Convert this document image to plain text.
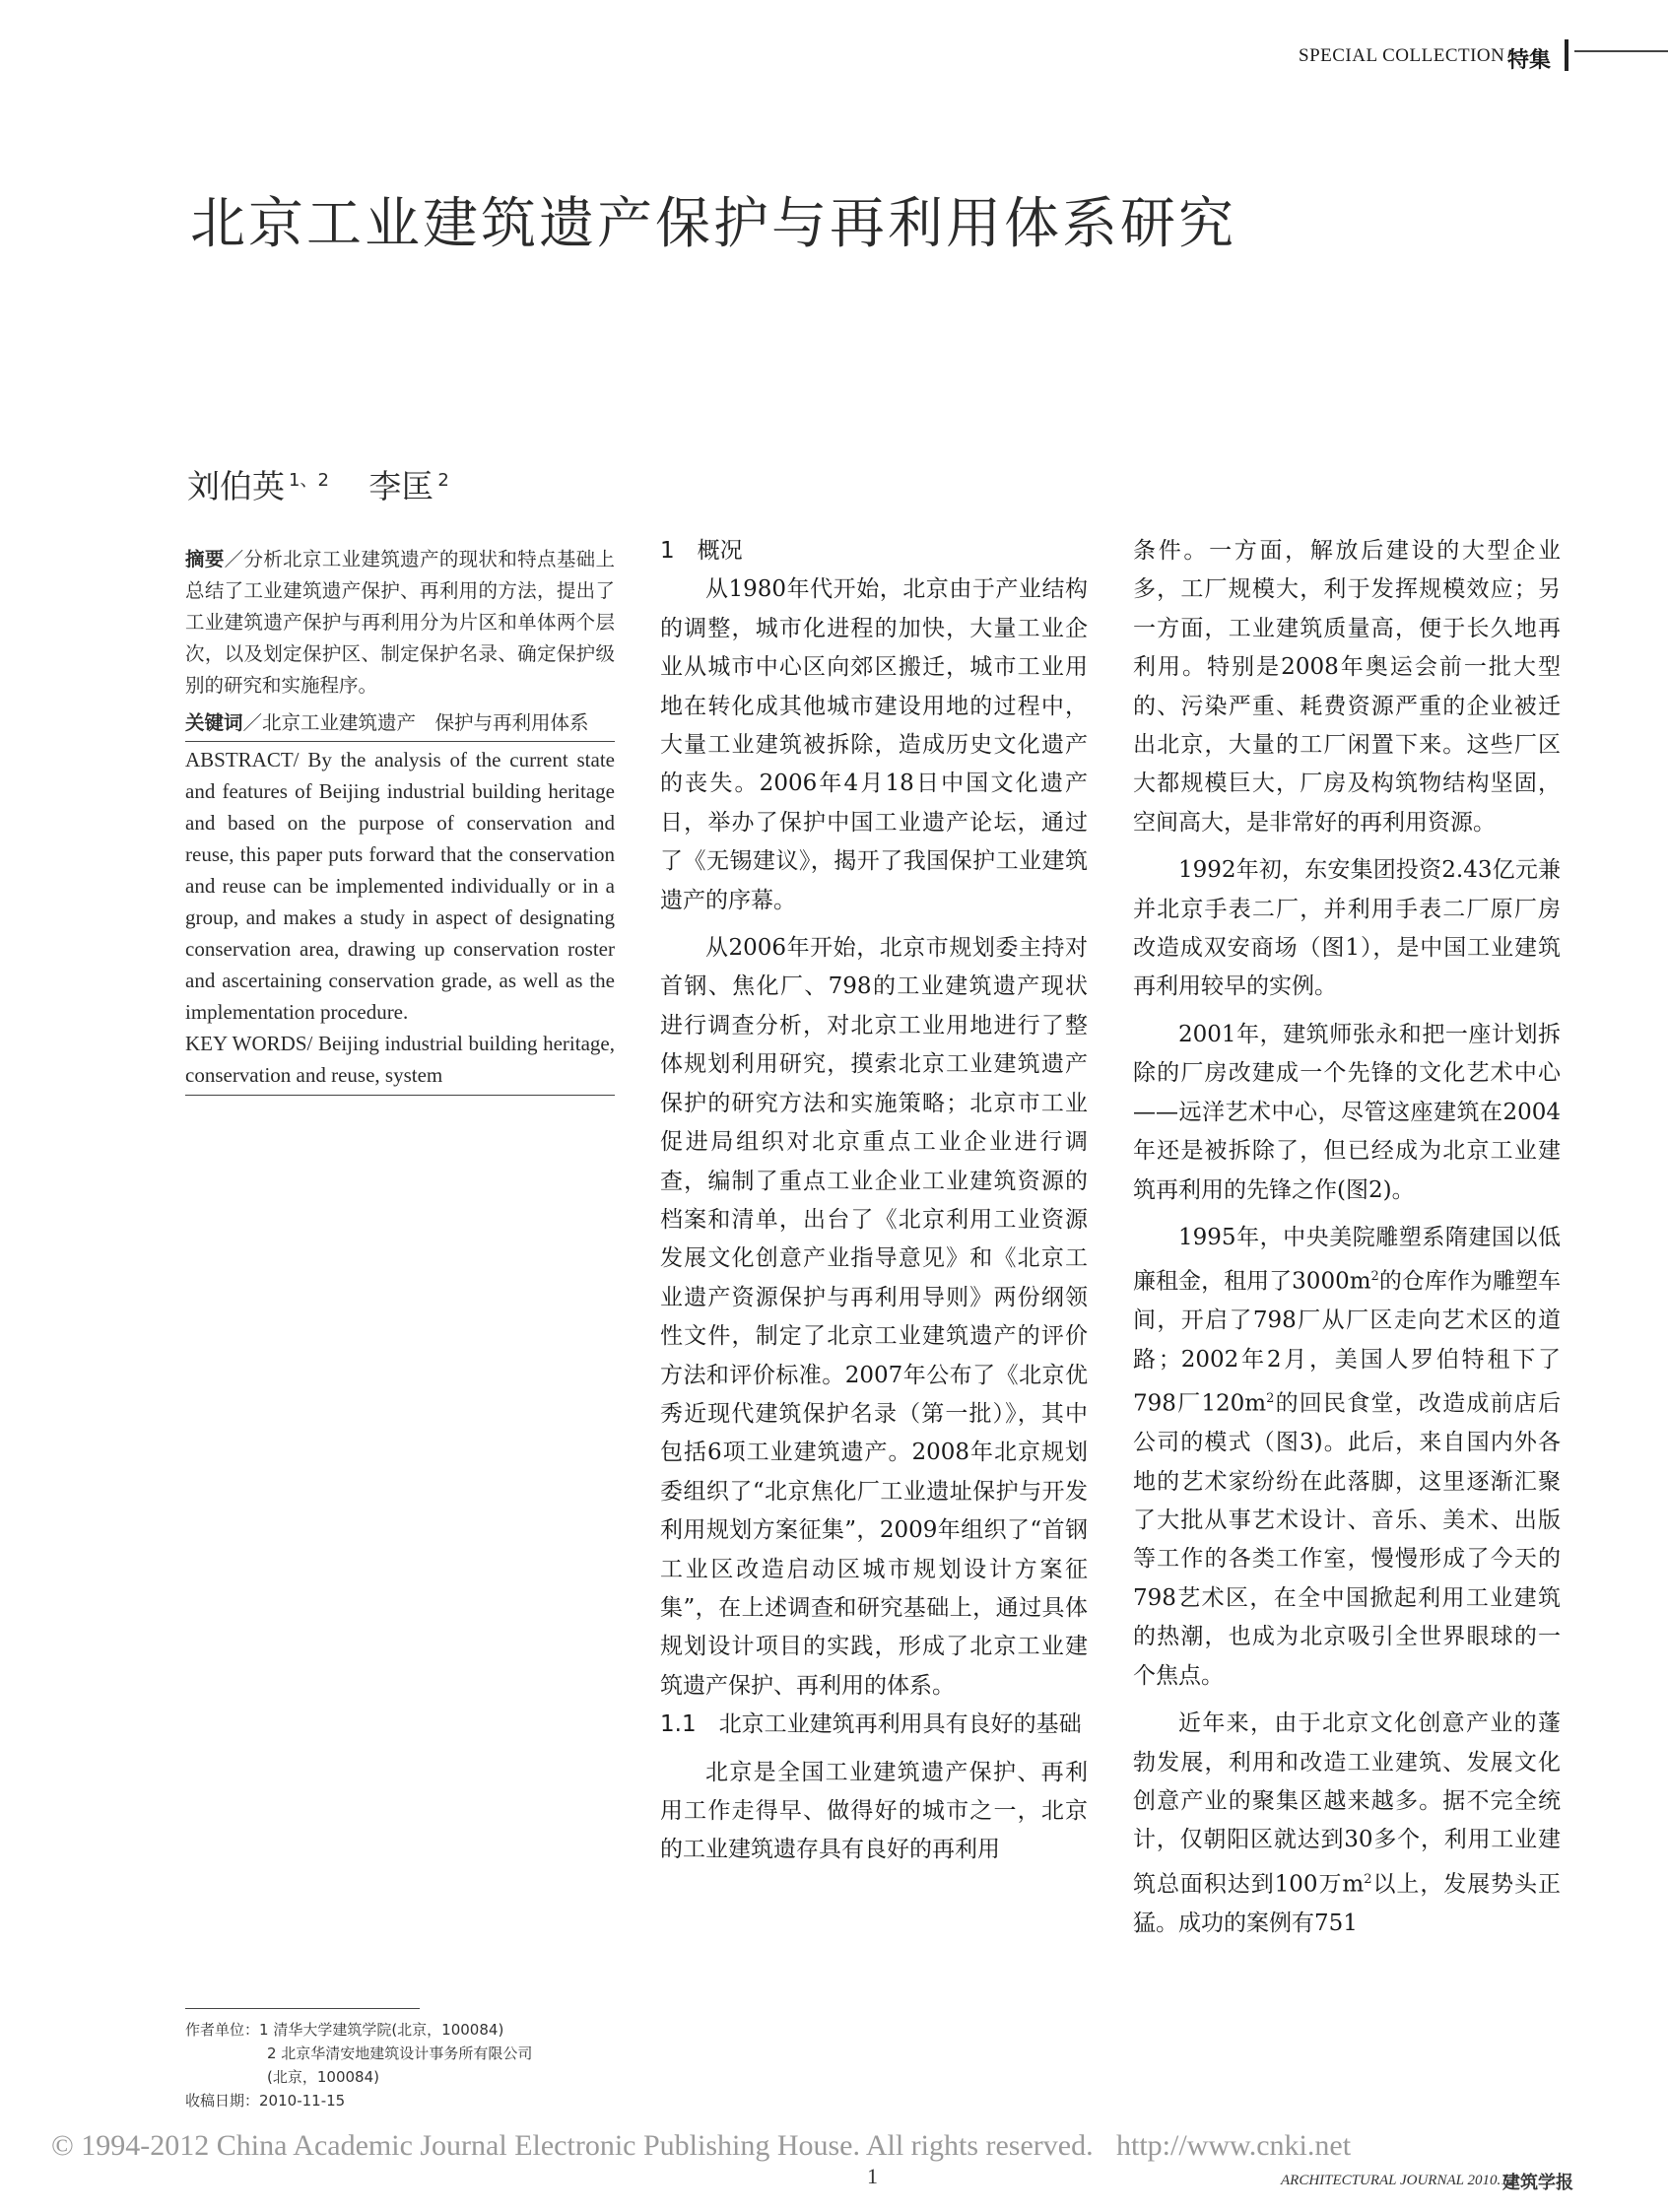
SPECIAL COLLECTION 特集
北京工业建筑遗产保护与再利用体系研究
刘伯英 $^{1、2}$ 李匡 $^2$

摘要／分析北京工业建筑遗产的现状和特点基础上总结了工业建筑遗产保护、再利用的方法，提出了工业建筑遗产保护与再利用分为片区和单体两个层次，以及划定保护区、制定保护名录、确定保护级别的研究和实施程序。

关键词／北京工业建筑遗产　保护与再利用体系

ABSTRACT/ By the analysis of the current state and features of Beijing industrial building heritage and based on the purpose of conservation and reuse, this paper puts forward that the conservation and reuse can be implemented individually or in a group, and makes a study in aspect of designating conservation area, drawing up conservation roster and ascertaining conservation grade, as well as the implementation procedure.

KEY WORDS/ Beijing industrial building heritage, conservation and reuse, system

作者单位：1 清华大学建筑学院(北京，100084)
2 北京华清安地建筑设计事务所有限公司
(北京，100084)
收稿日期：2010-11-15

1　概况

从1980年代开始，北京由于产业结构的调整，城市化进程的加快，大量工业企业从城市中心区向郊区搬迁，城市工业用地在转化成其他城市建设用地的过程中，大量工业建筑被拆除，造成历史文化遗产的丧失。2006年4月18日中国文化遗产日，举办了保护中国工业遗产论坛，通过了《无锡建议》，揭开了我国保护工业建筑遗产的序幕。

从2006年开始，北京市规划委主持对首钢、焦化厂、798的工业建筑遗产现状进行调查分析，对北京工业用地进行了整体规划利用研究，摸索北京工业建筑遗产保护的研究方法和实施策略；北京市工业促进局组织对北京重点工业企业进行调查，编制了重点工业企业工业建筑资源的档案和清单，出台了《北京利用工业资源发展文化创意产业指导意见》和《北京工业遗产资源保护与再利用导则》两份纲领性文件，制定了北京工业建筑遗产的评价方法和评价标准。2007年公布了《北京优秀近现代建筑保护名录（第一批）》，其中包括6项工业建筑遗产。2008年北京规划委组织了“北京焦化厂工业遗址保护与开发利用规划方案征集”，2009年组织了“首钢工业区改造启动区城市规划设计方案征集”，在上述调查和研究基础上，通过具体规划设计项目的实践，形成了北京工业建筑遗产保护、再利用的体系。

1.1　北京工业建筑再利用具有良好的基础

北京是全国工业建筑遗产保护、再利用工作走得早、做得好的城市之一，北京的工业建筑遗存具有良好的再利用

条件。一方面，解放后建设的大型企业多，工厂规模大，利于发挥规模效应；另一方面，工业建筑质量高，便于长久地再利用。特别是2008年奥运会前一批大型的、污染严重、耗费资源严重的企业被迁出北京，大量的工厂闲置下来。这些厂区大都规模巨大，厂房及构筑物结构坚固，空间高大，是非常好的再利用资源。

1992年初，东安集团投资2.43亿元兼并北京手表二厂，并利用手表二厂原厂房改造成双安商场（图1），是中国工业建筑再利用较早的实例。

2001年，建筑师张永和把一座计划拆除的厂房改建成一个先锋的文化艺术中心——远洋艺术中心，尽管这座建筑在2004年还是被拆除了，但已经成为北京工业建筑再利用的先锋之作(图2)。

1995年，中央美院雕塑系隋建国以低廉租金，租用了$3000m^2$的仓库作为雕塑车间，开启了798厂从厂区走向艺术区的道路；2002年2月，美国人罗伯特租下了798厂$120m^2$的回民食堂，改造成前店后公司的模式（图3)。此后，来自国内外各地的艺术家纷纷在此落脚，这里逐渐汇聚了大批从事艺术设计、音乐、美术、出版等工作的各类工作室，慢慢形成了今天的798艺术区，在全中国掀起利用工业建筑的热潮，也成为北京吸引全世界眼球的一个焦点。

近年来，由于北京文化创意产业的蓬勃发展，利用和改造工业建筑、发展文化创意产业的聚集区越来越多。据不完全统计，仅朝阳区就达到30多个，利用工业建筑总面积达到100万$m^2$以上，发展势头正猛。成功的案例有751

© 1994-2012 China Academic Journal Electronic Publishing House. All rights reserved. http://www.cnki.net
1	ARCHITECTURAL JOURNAL 2010.12
建筑学报
